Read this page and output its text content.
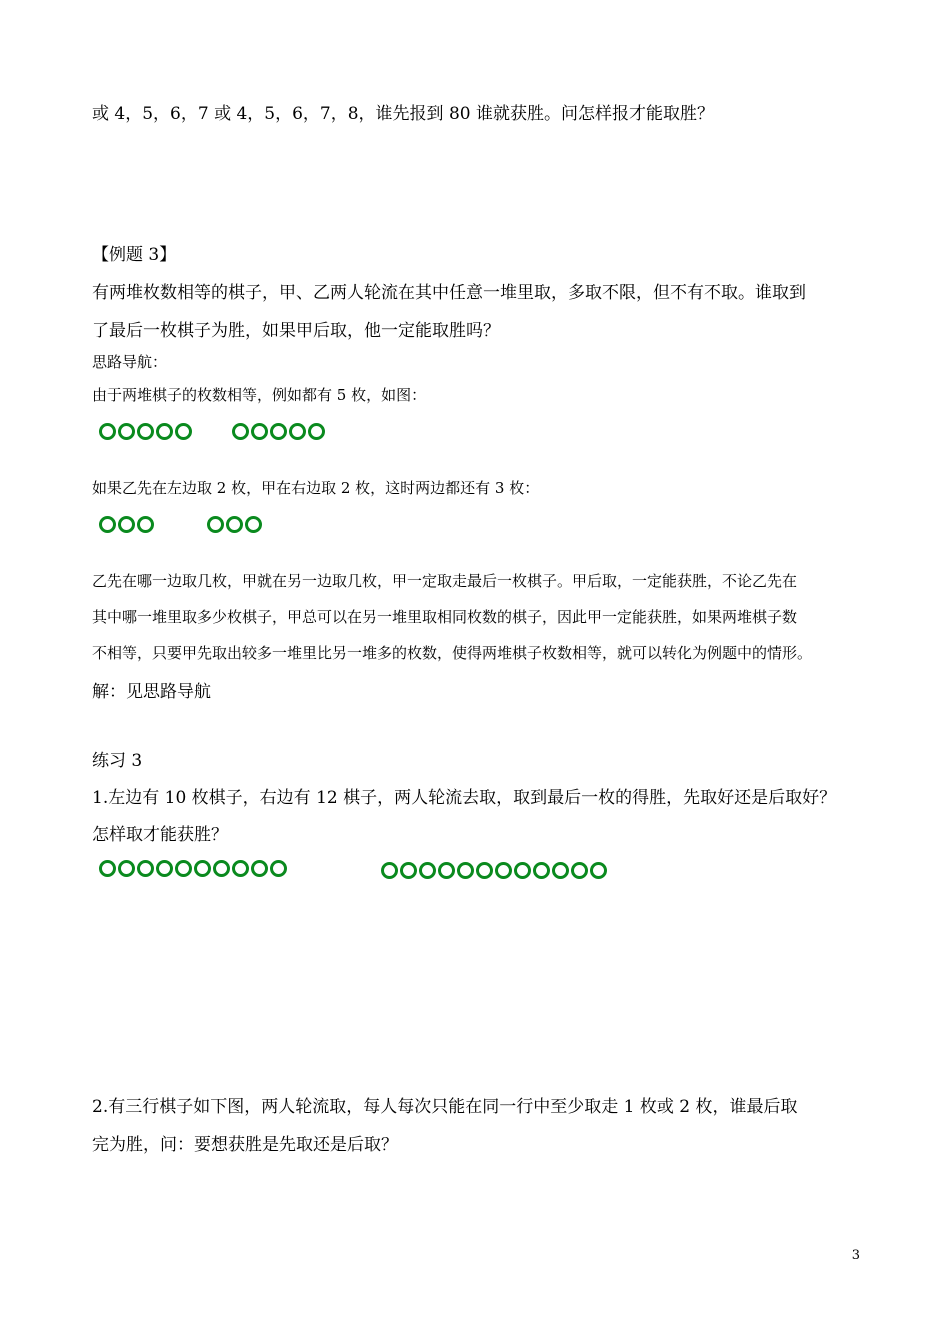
或 4，5，6，7 或 4，5，6，7，8，谁先报到 80 谁就获胜。问怎样报才能取胜？
【例题 3】
有两堆枚数相等的棋子，甲、乙两人轮流在其中任意一堆里取，多取不限，但不有不取。谁取到
了最后一枚棋子为胜，如果甲后取，他一定能取胜吗？
思路导航：
由于两堆棋子的枚数相等，例如都有 5 枚，如图：
如果乙先在左边取 2 枚，甲在右边取 2 枚，这时两边都还有 3 枚：
乙先在哪一边取几枚，甲就在另一边取几枚，甲一定取走最后一枚棋子。甲后取，一定能获胜，不论乙先在
其中哪一堆里取多少枚棋子，甲总可以在另一堆里取相同枚数的棋子，因此甲一定能获胜，如果两堆棋子数
不相等，只要甲先取出较多一堆里比另一堆多的枚数，使得两堆棋子枚数相等，就可以转化为例题中的情形。
解：见思路导航
练习 3
1.左边有 10 枚棋子，右边有 12 棋子，两人轮流去取，取到最后一枚的得胜，先取好还是后取好？
怎样取才能获胜？
2.有三行棋子如下图，两人轮流取，每人每次只能在同一行中至少取走 1 枚或 2 枚，谁最后取
完为胜，问：要想获胜是先取还是后取？
3
